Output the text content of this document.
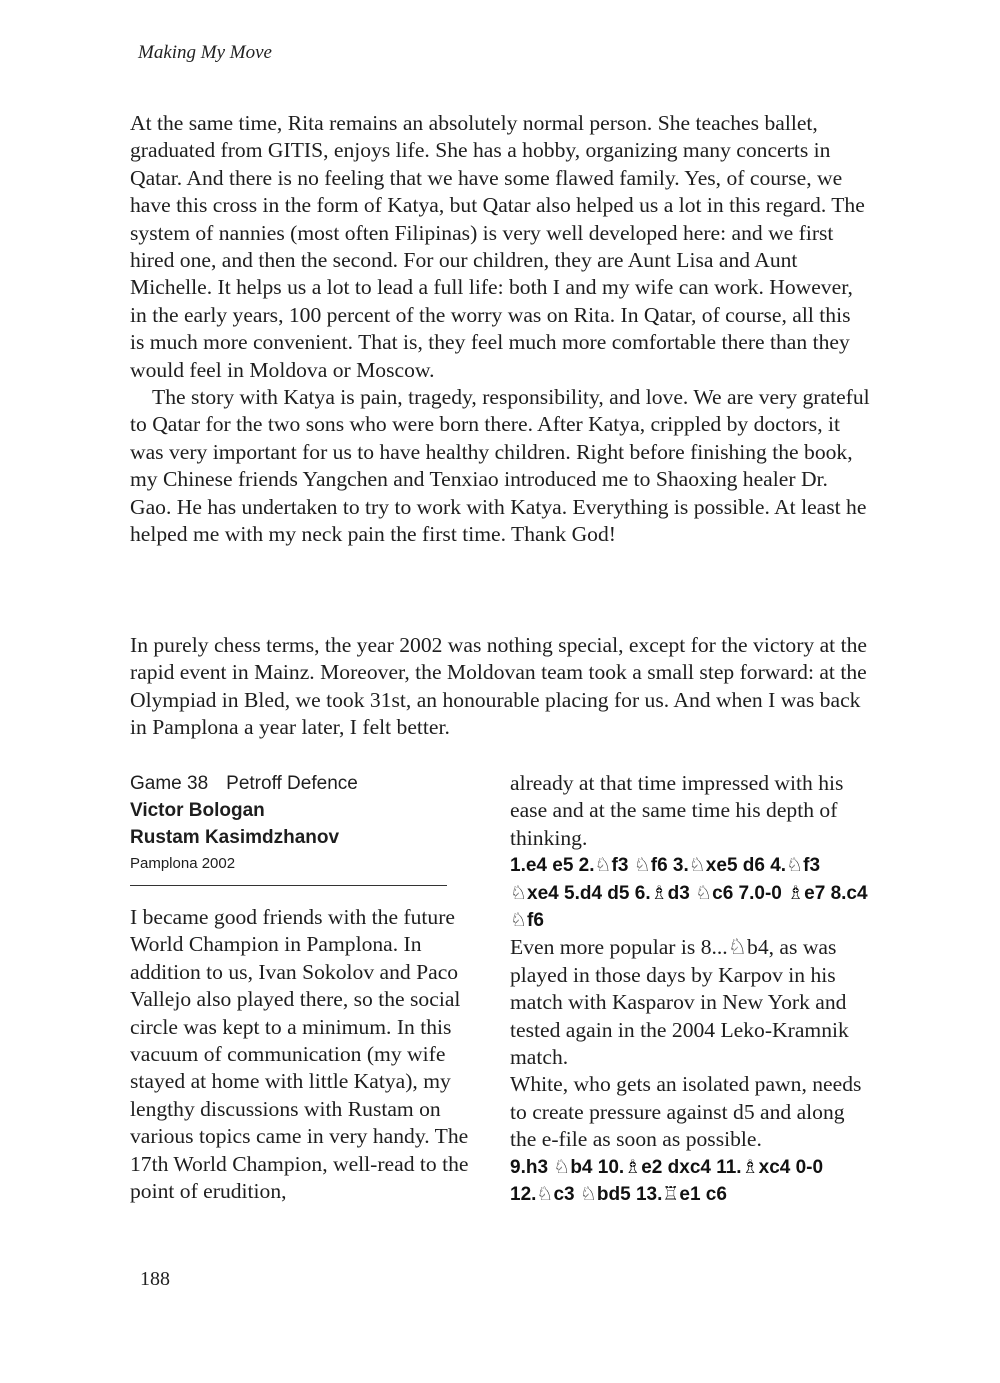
Making My Move

At the same time, Rita remains an absolutely normal person. She teaches ballet, graduated from GITIS, enjoys life. She has a hobby, organizing many concerts in Qatar. And there is no feeling that we have some flawed family. Yes, of course, we have this cross in the form of Katya, but Qatar also helped us a lot in this regard. The system of nannies (most often Filipinas) is very well developed here: and we first hired one, and then the second. For our children, they are Aunt Lisa and Aunt Michelle. It helps us a lot to lead a full life: both I and my wife can work. However, in the early years, 100 percent of the worry was on Rita. In Qatar, of course, all this is much more convenient. That is, they feel much more comfortable there than they would feel in Moldova or Moscow.

The story with Katya is pain, tragedy, responsibility, and love. We are very grateful to Qatar for the two sons who were born there. After Katya, crippled by doctors, it was very important for us to have healthy children. Right before finishing the book, my Chinese friends Yangchen and Tenxiao introduced me to Shaoxing healer Dr. Gao. He has undertaken to try to work with Katya. Everything is possible. At least he helped me with my neck pain the first time. Thank God!

In purely chess terms, the year 2002 was nothing special, except for the victory at the rapid event in Mainz. Moreover, the Moldovan team took a small step forward: at the Olympiad in Bled, we took 31st, an honourable placing for us. And when I was back in Pamplona a year later, I felt better.

Game 38 Petroff Defence
Victor Bologan
Rustam Kasimdzhanov
Pamplona 2002

I became good friends with the future World Champion in Pamplona. In addition to us, Ivan Sokolov and Paco Vallejo also played there, so the social circle was kept to a minimum. In this vacuum of communication (my wife stayed at home with little Katya), my lengthy discussions with Rustam on various topics came in very handy. The 17th World Champion, well-read to the point of erudition,

already at that time impressed with his ease and at the same time his depth of thinking.

1.e4 e5 2.♘f3 ♘f6 3.♘xe5 d6 4.♘f3 ♘xe4 5.d4 d5 6.♗d3 ♘c6 7.0-0 ♗e7 8.c4 ♘f6

Even more popular is 8...♘b4, as was played in those days by Karpov in his match with Kasparov in New York and tested again in the 2004 Leko-Kramnik match.

White, who gets an isolated pawn, needs to create pressure against d5 and along the e-file as soon as possible.

9.h3 ♘b4 10.♗e2 dxc4 11.♗xc4 0-0 12.♘c3 ♘bd5 13.♖e1 c6

188
